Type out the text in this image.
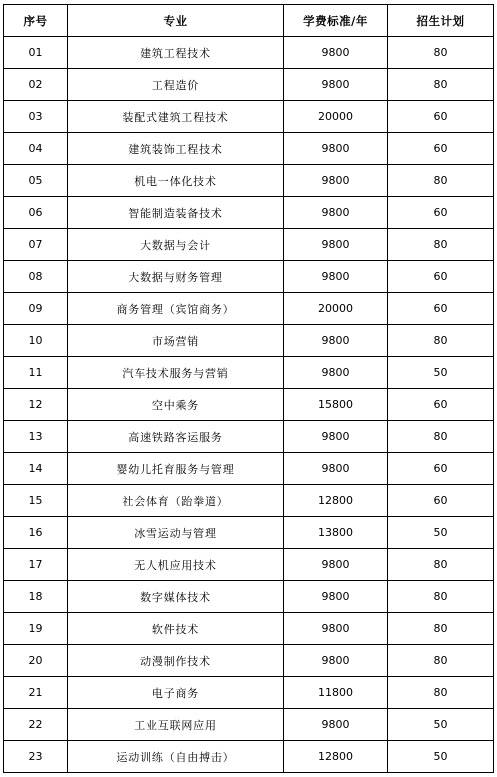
序号	专业	学费标准/年	招生计划
01	建筑工程技术	9800	80
02	工程造价	9800	80
03	装配式建筑工程技术	20000	60
04	建筑装饰工程技术	9800	60
05	机电一体化技术	9800	80
06	智能制造装备技术	9800	60
07	大数据与会计	9800	80
08	大数据与财务管理	9800	60
09	商务管理（宾馆商务）	20000	60
10	市场营销	9800	80
11	汽车技术服务与营销	9800	50
12	空中乘务	15800	60
13	高速铁路客运服务	9800	80
14	婴幼儿托育服务与管理	9800	60
15	社会体育（跆拳道）	12800	60
16	冰雪运动与管理	13800	50
17	无人机应用技术	9800	80
18	数字媒体技术	9800	80
19	软件技术	9800	80
20	动漫制作技术	9800	80
21	电子商务	11800	80
22	工业互联网应用	9800	50
23	运动训练（自由搏击）	12800	50
